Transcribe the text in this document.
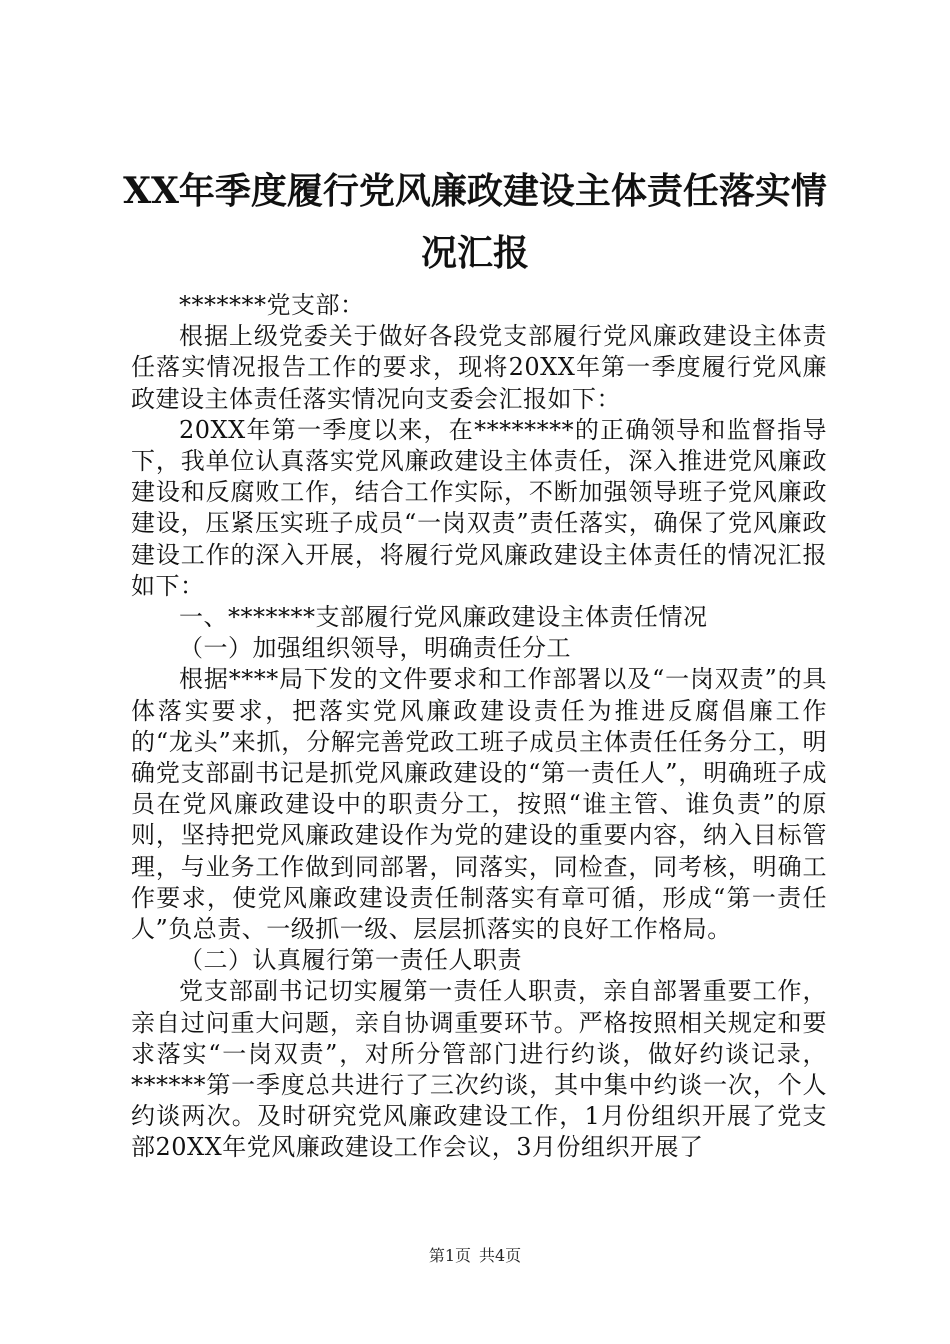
XX年季度履行党风廉政建设主体责任落实情况汇报

*******党支部：

根据上级党委关于做好各段党支部履行党风廉政建设主体责任落实情况报告工作的要求，现将20XX年第一季度履行党风廉政建设主体责任落实情况向支委会汇报如下：

20XX年第一季度以来，在********的正确领导和监督指导下，我单位认真落实党风廉政建设主体责任，深入推进党风廉政建设和反腐败工作，结合工作实际，不断加强领导班子党风廉政建设，压紧压实班子成员“一岗双责”责任落实，确保了党风廉政建设工作的深入开展，将履行党风廉政建设主体责任的情况汇报如下：

一、*******支部履行党风廉政建设主体责任情况

（一）加强组织领导，明确责任分工

根据****局下发的文件要求和工作部署以及“一岗双责”的具体落实要求，把落实党风廉政建设责任为推进反腐倡廉工作的“龙头”来抓，分解完善党政工班子成员主体责任任务分工，明确党支部副书记是抓党风廉政建设的“第一责任人”，明确班子成员在党风廉政建设中的职责分工，按照“谁主管、谁负责”的原则，坚持把党风廉政建设作为党的建设的重要内容，纳入目标管理，与业务工作做到同部署，同落实，同检查，同考核，明确工作要求，使党风廉政建设责任制落实有章可循，形成“第一责任人”负总责、一级抓一级、层层抓落实的良好工作格局。

（二）认真履行第一责任人职责

党支部副书记切实履第一责任人职责，亲自部署重要工作，亲自过问重大问题，亲自协调重要环节。严格按照相关规定和要求落实“一岗双责”，对所分管部门进行约谈，做好约谈记录，******第一季度总共进行了三次约谈，其中集中约谈一次，个人约谈两次。及时研究党风廉政建设工作，1月份组织开展了党支部20XX年党风廉政建设工作会议，3月份组织开展了

第1页 共4页
